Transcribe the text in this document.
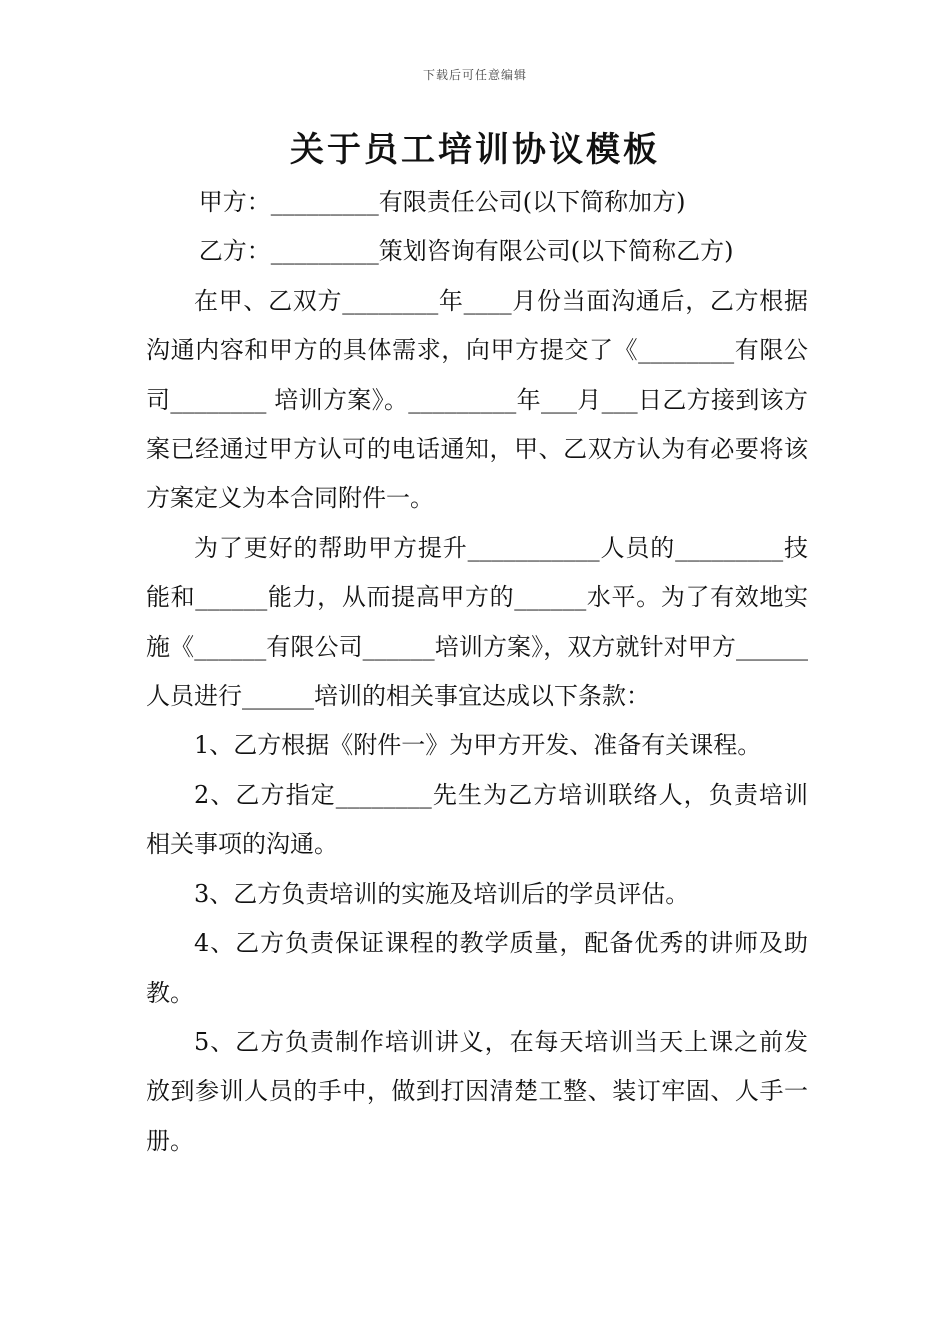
下载后可任意编辑
关于员工培训协议模板

甲方：_________有限责任公司(以下简称加方)

乙方：_________策划咨询有限公司(以下简称乙方)

在甲、乙双方________年____月份当面沟通后，乙方根据沟通内容和甲方的具体需求，向甲方提交了《________有限公司________ 培训方案》。_________年___月___日乙方接到该方案已经通过甲方认可的电话通知，甲、乙双方认为有必要将该方案定义为本合同附件一。

为了更好的帮助甲方提升___________人员的_________技能和______能力，从而提高甲方的______水平。为了有效地实施《______有限公司______培训方案》，双方就针对甲方______人员进行______培训的相关事宜达成以下条款：

1、乙方根据《附件一》为甲方开发、准备有关课程。

2、乙方指定________先生为乙方培训联络人，负责培训相关事项的沟通。

3、乙方负责培训的实施及培训后的学员评估。

4、乙方负责保证课程的教学质量，配备优秀的讲师及助教。

5、乙方负责制作培训讲义，在每天培训当天上课之前发放到参训人员的手中，做到打因清楚工整、装订牢固、人手一册。
